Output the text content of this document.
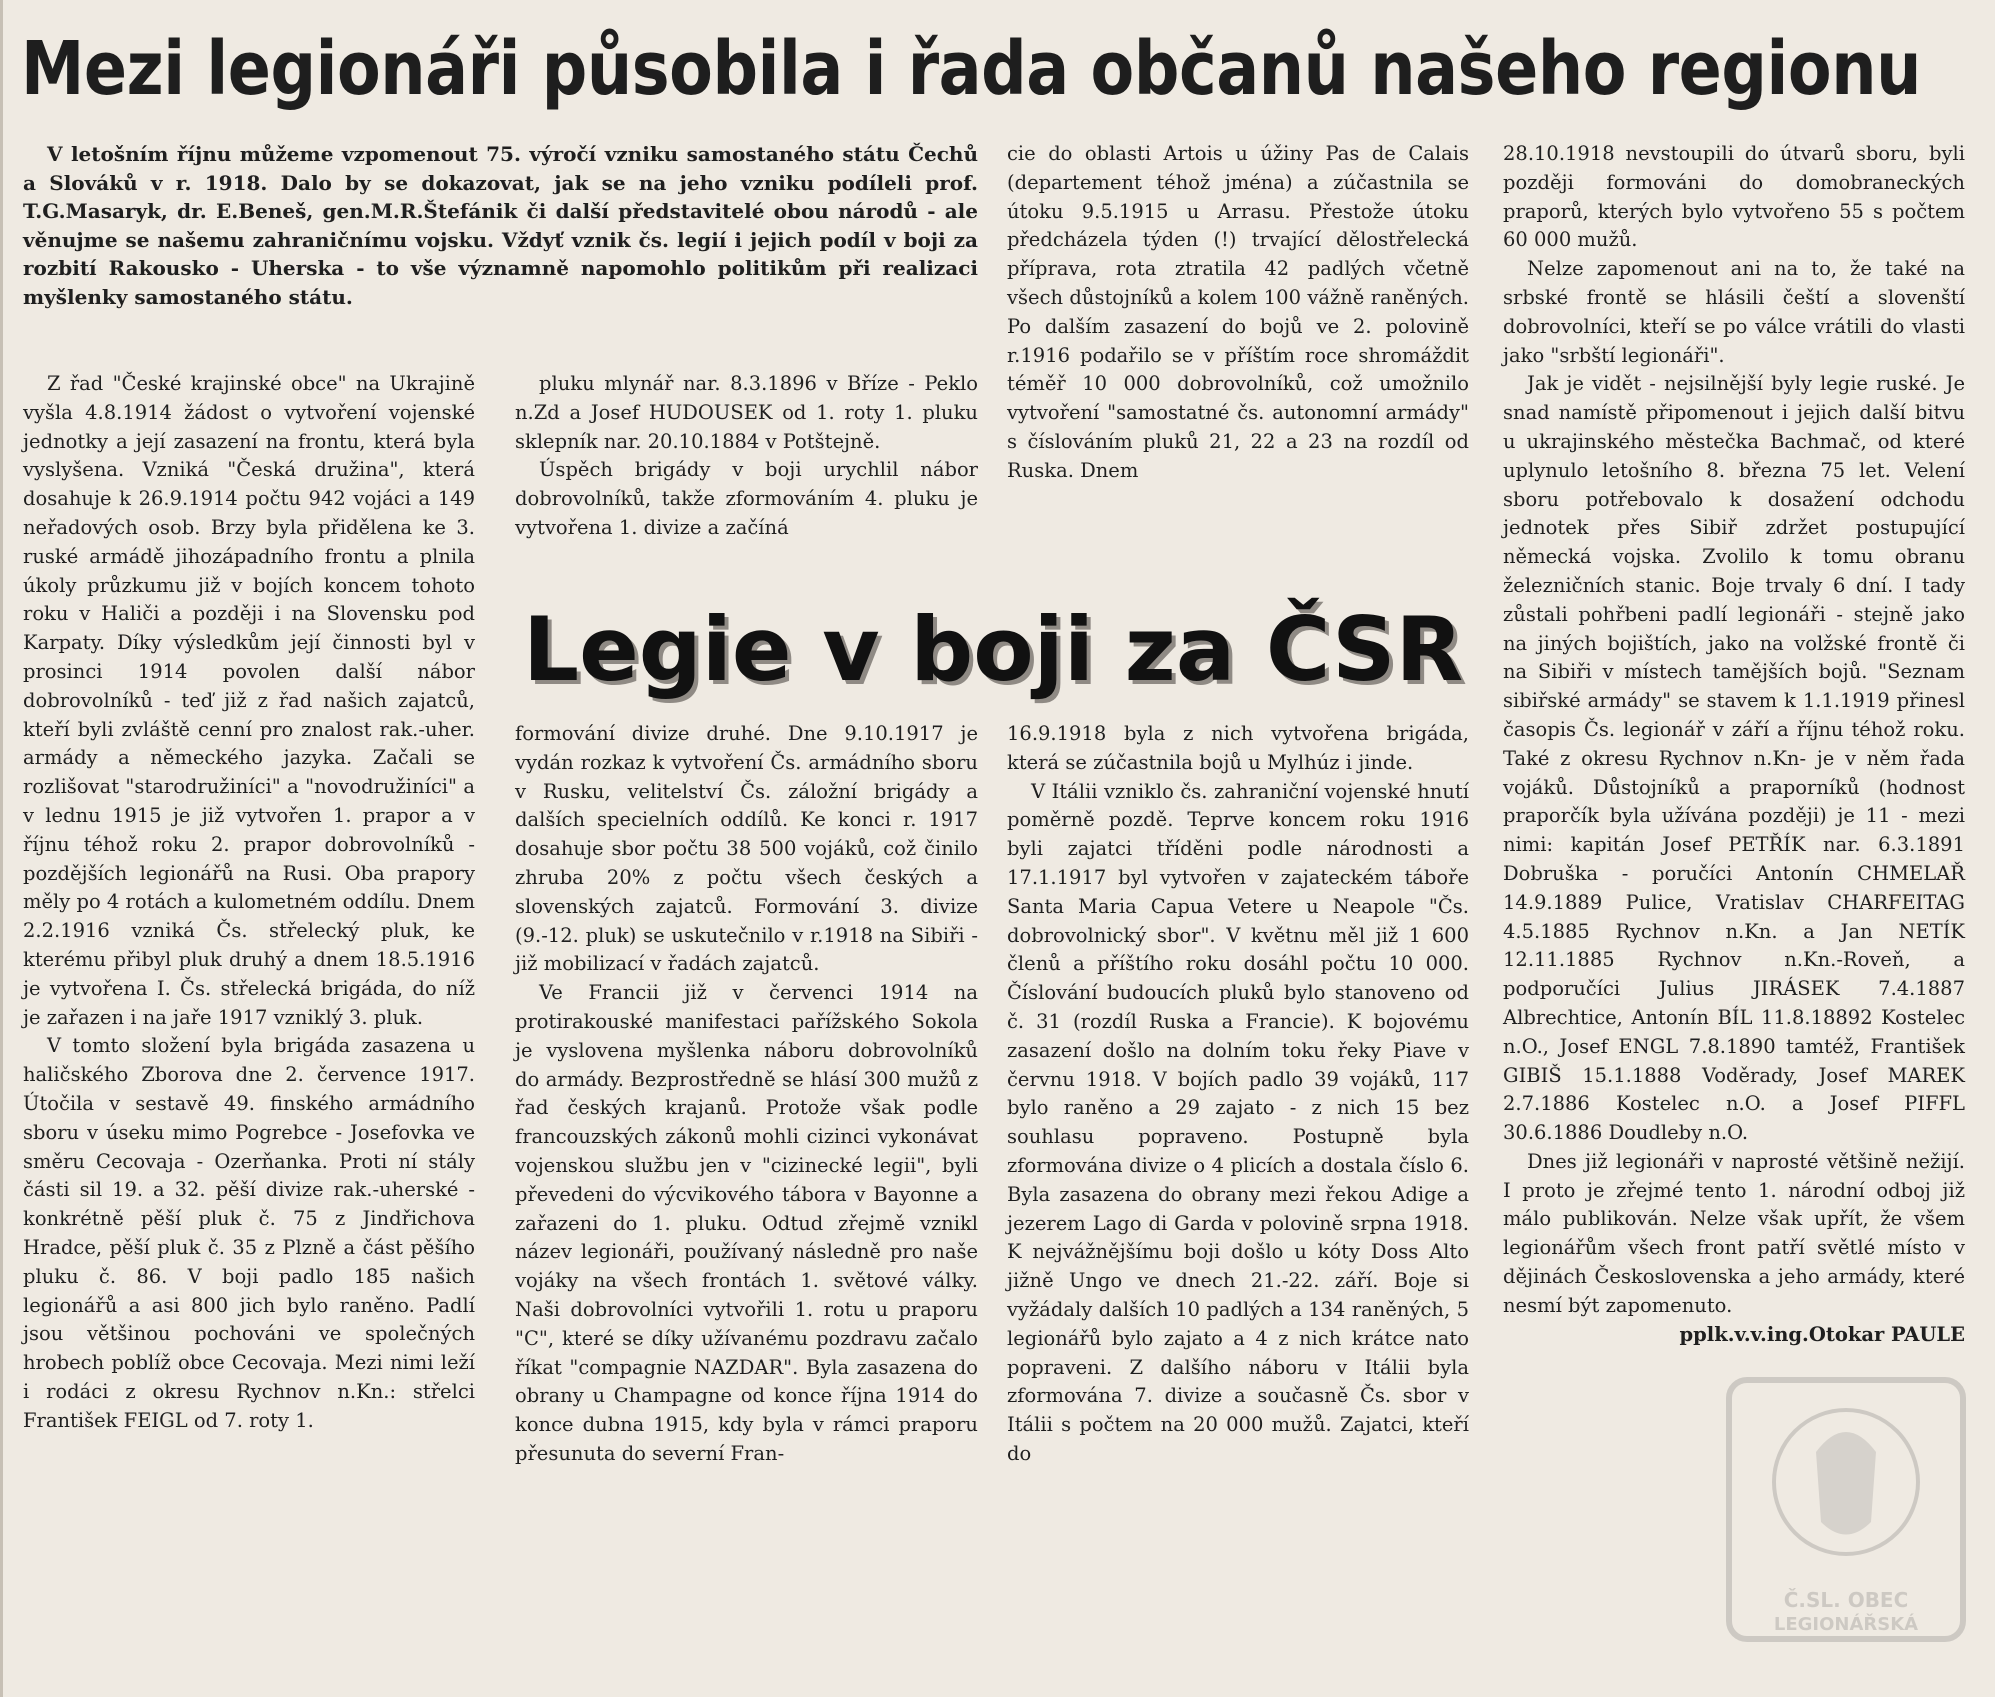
Mezi legionáři působila i řada občanů našeho regionu

V letošním říjnu můžeme vzpomenout 75. výročí vzniku samostaného státu Čechů a Slováků v r. 1918. Dalo by se dokazovat, jak se na jeho vzniku podíleli prof. T.G.Masaryk, dr. E.Beneš, gen.M.R.Štefánik či další představitelé obou národů - ale věnujme se našemu zahraničnímu vojsku. Vždyť vznik čs. legií i jejich podíl v boji za rozbití Rakousko - Uherska - to vše významně napomohlo politikům při realizaci myšlenky samostaného státu.

Z řad "České krajinské obce" na Ukrajině vyšla 4.8.1914 žádost o vytvoření vojenské jednotky a její zasazení na frontu, která byla vyslyšena. Vzniká "Česká družina", která dosahuje k 26.9.1914 počtu 942 vojáci a 149 neřadových osob. Brzy byla přidělena ke 3. ruské armádě jihozápadního frontu a plnila úkoly průzkumu již v bojích koncem tohoto roku v Haliči a později i na Slovensku pod Karpaty. Díky výsledkům její činnosti byl v prosinci 1914 povolen další nábor dobrovolníků - teď již z řad našich zajatců, kteří byli zvláště cenní pro znalost rak.-uher. armády a německého jazyka. Začali se rozlišovat "starodružiníci" a "novodružiníci" a v lednu 1915 je již vytvořen 1. prapor a v říjnu téhož roku 2. prapor dobrovolníků - pozdějších legionářů na Rusi. Oba prapory měly po 4 rotách a kulometném oddílu. Dnem 2.2.1916 vzniká Čs. střelecký pluk, ke kterému přibyl pluk druhý a dnem 18.5.1916 je vytvořena I. Čs. střelecká brigáda, do níž je zařazen i na jaře 1917 vzniklý 3. pluk.

V tomto složení byla brigáda zasazena u haličského Zborova dne 2. července 1917. Útočila v sestavě 49. finského armádního sboru v úseku mimo Pogrebce - Josefovka ve směru Cecovaja - Ozerňanka. Proti ní stály části sil 19. a 32. pěší divize rak.-uherské - konkrétně pěší pluk č. 75 z Jindřichova Hradce, pěší pluk č. 35 z Plzně a část pěšího pluku č. 86. V boji padlo 185 našich legionářů a asi 800 jich bylo raněno. Padlí jsou většinou pochováni ve společných hrobech poblíž obce Cecovaja. Mezi nimi leží i rodáci z okresu Rychnov n.Kn.: střelci František FEIGL od 7. roty 1.

pluku mlynář nar. 8.3.1896 v Bříze - Peklo n.Zd a Josef HUDOUSEK od 1. roty 1. pluku sklepník nar. 20.10.1884 v Potštejně.

Úspěch brigády v boji urychlil nábor dobrovolníků, takže zformováním 4. pluku je vytvořena 1. divize a začíná

cie do oblasti Artois u úžiny Pas de Calais (departement téhož jména) a zúčastnila se útoku 9.5.1915 u Arrasu. Přestože útoku předcházela týden (!) trvající dělostřelecká příprava, rota ztratila 42 padlých včetně všech důstojníků a kolem 100 vážně raněných. Po dalším zasazení do bojů ve 2. polovině r.1916 podařilo se v příštím roce shromáždit téměř 10 000 dobrovolníků, což umožnilo vytvoření "samostatné čs. autonomní armády" s číslováním pluků 21, 22 a 23 na rozdíl od Ruska. Dnem

Legie v boji za ČSR

formování divize druhé. Dne 9.10.1917 je vydán rozkaz k vytvoření Čs. armádního sboru v Rusku, velitelství Čs. záložní brigády a dalších specielních oddílů. Ke konci r. 1917 dosahuje sbor počtu 38 500 vojáků, což činilo zhruba 20% z počtu všech českých a slovenských zajatců. Formování 3. divize (9.-12. pluk) se uskutečnilo v r.1918 na Sibiři - již mobilizací v řadách zajatců.

Ve Francii již v červenci 1914 na protirakouské manifestaci pařížského Sokola je vyslovena myšlenka náboru dobrovolníků do armády. Bezprostředně se hlásí 300 mužů z řad českých krajanů. Protože však podle francouzských zákonů mohli cizinci vykonávat vojenskou službu jen v "cizinecké legii", byli převedeni do výcvikového tábora v Bayonne a zařazeni do 1. pluku. Odtud zřejmě vznikl název legionáři, používaný následně pro naše vojáky na všech frontách 1. světové války. Naši dobrovolníci vytvořili 1. rotu u praporu "C", které se díky užívanému pozdravu začalo říkat "compagnie NAZDAR". Byla zasazena do obrany u Champagne od konce října 1914 do konce dubna 1915, kdy byla v rámci praporu přesunuta do severní Fran-

16.9.1918 byla z nich vytvořena brigáda, která se zúčastnila bojů u Mylhúz i jinde.

V Itálii vzniklo čs. zahraniční vojenské hnutí poměrně pozdě. Teprve koncem roku 1916 byli zajatci tříděni podle národnosti a 17.1.1917 byl vytvořen v zajateckém táboře Santa Maria Capua Vetere u Neapole "Čs. dobrovolnický sbor". V květnu měl již 1 600 členů a příštího roku dosáhl počtu 10 000. Číslování budoucích pluků bylo stanoveno od č. 31 (rozdíl Ruska a Francie). K bojovému zasazení došlo na dolním toku řeky Piave v červnu 1918. V bojích padlo 39 vojáků, 117 bylo raněno a 29 zajato - z nich 15 bez souhlasu popraveno. Postupně byla zformována divize o 4 plicích a dostala číslo 6. Byla zasazena do obrany mezi řekou Adige a jezerem Lago di Garda v polovině srpna 1918. K nejvážnějšímu boji došlo u kóty Doss Alto jižně Ungo ve dnech 21.-22. září. Boje si vyžádaly dalších 10 padlých a 134 raněných, 5 legionářů bylo zajato a 4 z nich krátce nato popraveni. Z dalšího náboru v Itálii byla zformována 7. divize a současně Čs. sbor v Itálii s počtem na 20 000 mužů. Zajatci, kteří do

28.10.1918 nevstoupili do útvarů sboru, byli později formováni do domobraneckých praporů, kterých bylo vytvořeno 55 s počtem 60 000 mužů.

Nelze zapomenout ani na to, že také na srbské frontě se hlásili čeští a slovenští dobrovolníci, kteří se po válce vrátili do vlasti jako "srbští legionáři".

Jak je vidět - nejsilnější byly legie ruské. Je snad namístě připomenout i jejich další bitvu u ukrajinského městečka Bachmač, od které uplynulo letošního 8. března 75 let. Velení sboru potřebovalo k dosažení odchodu jednotek přes Sibiř zdržet postupující německá vojska. Zvolilo k tomu obranu železničních stanic. Boje trvaly 6 dní. I tady zůstali pohřbeni padlí legionáři - stejně jako na jiných bojištích, jako na volžské frontě či na Sibiři v místech tamějších bojů. "Seznam sibiřské armády" se stavem k 1.1.1919 přinesl časopis Čs. legionář v září a říjnu téhož roku. Také z okresu Rychnov n.Kn- je v něm řada vojáků. Důstojníků a praporníků (hodnost praporčík byla užívána později) je 11 - mezi nimi: kapitán Josef PETŘÍK nar. 6.3.1891 Dobruška - poručíci Antonín CHMELAŘ 14.9.1889 Pulice, Vratislav CHARFEITAG 4.5.1885 Rychnov n.Kn. a Jan NETÍK 12.11.1885 Rychnov n.Kn.-Roveň, a podporučíci Julius JIRÁSEK 7.4.1887 Albrechtice, Antonín BÍL 11.8.18892 Kostelec n.O., Josef ENGL 7.8.1890 tamtéž, František GIBIŠ 15.1.1888 Voděrady, Josef MAREK 2.7.1886 Kostelec n.O. a Josef PIFFL 30.6.1886 Doudleby n.O.

Dnes již legionáři v naprosté většině nežijí. I proto je zřejmé tento 1. národní odboj již málo publikován. Nelze však upřít, že všem legionářům všech front patří světlé místo v dějinách Československa a jeho armády, které nesmí být zapomenuto.

pplk.v.v.ing.Otokar PAULE

Č.SL. OBEC
LEGIONÁŘSKÁ
